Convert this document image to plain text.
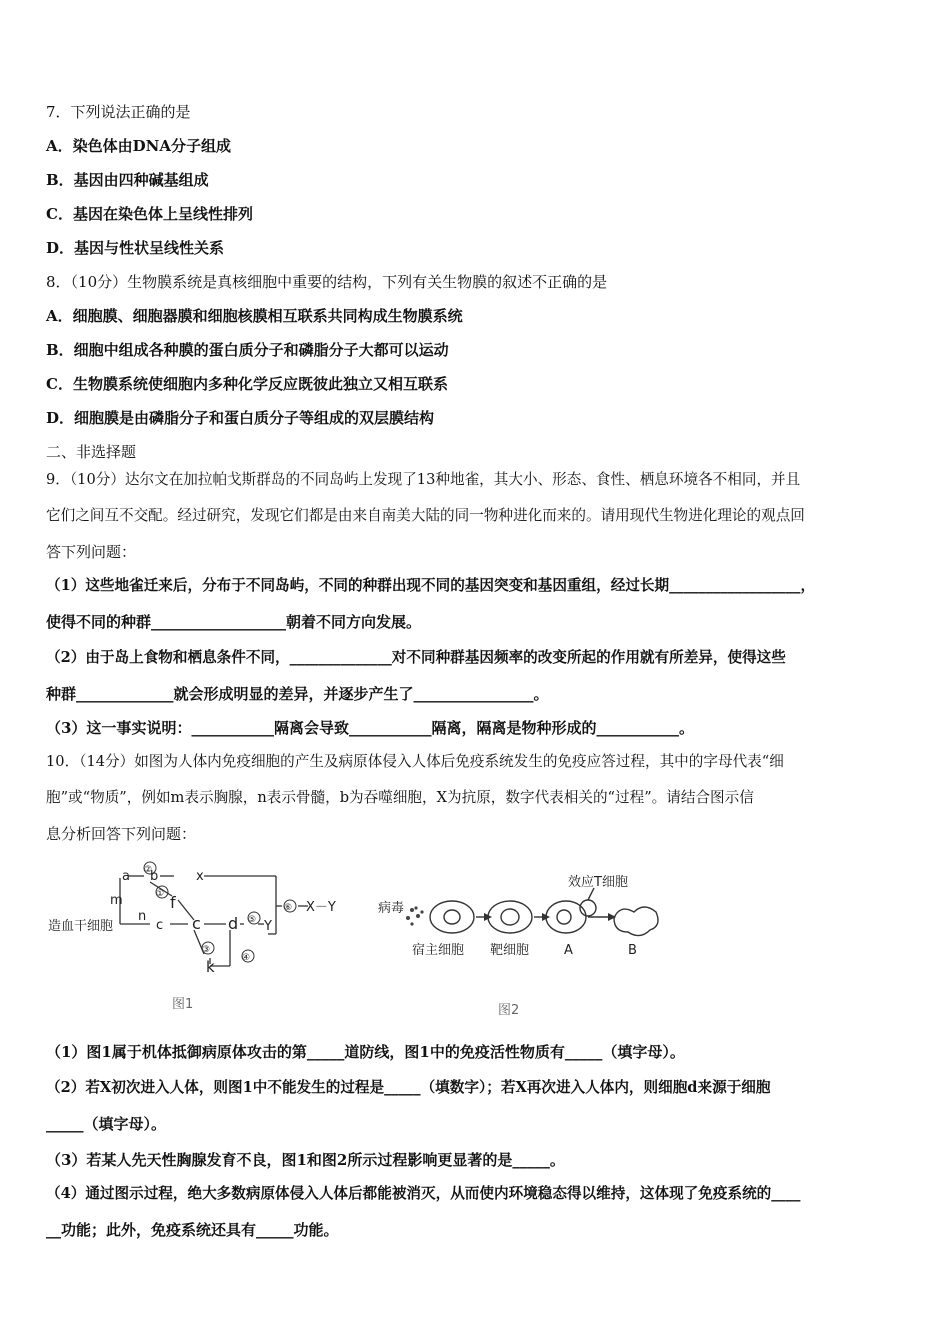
7．下列说法正确的是
A．染色体由DNA分子组成
B．基因由四种碱基组成
C．基因在染色体上呈线性排列
D．基因与性状呈线性关系
8．（10分）生物膜系统是真核细胞中重要的结构，下列有关生物膜的叙述不正确的是
A．细胞膜、细胞器膜和细胞核膜相互联系共同构成生物膜系统
B．细胞中组成各种膜的蛋白质分子和磷脂分子大都可以运动
C．生物膜系统使细胞内多种化学反应既彼此独立又相互联系
D．细胞膜是由磷脂分子和蛋白质分子等组成的双层膜结构
二、非选择题
9．（10分）达尔文在加拉帕戈斯群岛的不同岛屿上发现了13种地雀，其大小、形态、食性、栖息环境各不相同，并且
它们之间互不交配。经过研究，发现它们都是由来自南美大陆的同一物种进化而来的。请用现代生物进化理论的观点回
答下列问题：
（1）这些地雀迁来后，分布于不同岛屿，不同的种群出现不同的基因突变和基因重组，经过长期__________________，
使得不同的种群__________________朝着不同方向发展。
（2）由于岛上食物和栖息条件不同，______________对不同种群基因频率的改变所起的作用就有所差异，使得这些
种群_____________就会形成明显的差异，并逐步产生了________________。
（3）这一事实说明：___________隔离会导致___________隔离，隔离是物种形成的___________。
10．（14分）如图为人体内免疫细胞的产生及病原体侵入人体后免疫系统发生的免疫应答过程，其中的字母代表“细
胞”或“物质”，例如m表示胸腺，n表示骨髓，b为吞噬细胞，X为抗原，数字代表相关的“过程”。请结合图示信
息分析回答下列问题：
造血干细胞
m
n
a b	x
f
c c d
k
Y
X－Y
②
①
③
④
⑤
⑥
图1
病毒
宿主细胞 靶细胞	A	B
效应T细胞
图2
（1）图1属于机体抵御病原体攻击的第_____道防线，图1中的免疫活性物质有_____（填字母）。
（2）若X初次进入人体，则图1中不能发生的过程是_____（填数字）；若X再次进入人体内，则细胞d来源于细胞
_____（填字母）。
（3）若某人先天性胸腺发育不良，图1和图2所示过程影响更显著的是_____。
（4）通过图示过程，绝大多数病原体侵入人体后都能被消灭，从而使内环境稳态得以维持，这体现了免疫系统的____
__功能；此外，免疫系统还具有_____功能。
